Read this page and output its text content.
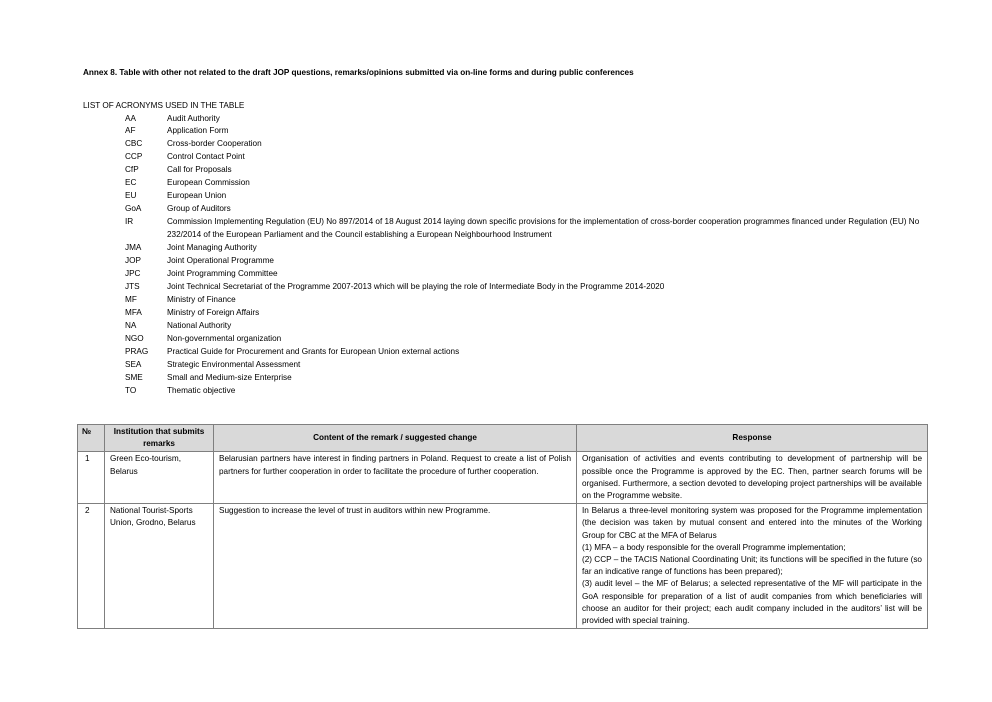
Annex 8. Table with other not related to the draft JOP questions, remarks/opinions submitted via on-line forms and during public conferences
LIST OF ACRONYMS USED IN THE TABLE
AA	Audit Authority
AF	Application Form
CBC	Cross-border Cooperation
CCP	Control Contact Point
CfP	Call for Proposals
EC	European Commission
EU	European Union
GoA	Group of Auditors
IR	Commission Implementing Regulation (EU) No 897/2014 of 18 August 2014 laying down specific provisions for the implementation of cross-border cooperation programmes financed under Regulation (EU) No 232/2014 of the European Parliament and the Council establishing a European Neighbourhood Instrument
JMA	Joint Managing Authority
JOP	Joint Operational Programme
JPC	Joint Programming Committee
JTS	Joint Technical Secretariat of the Programme 2007-2013 which will be playing the role of Intermediate Body in the Programme 2014-2020
MF	Ministry of Finance
MFA	Ministry of Foreign Affairs
NA	National Authority
NGO	Non-governmental organization
PRAG	Practical Guide for Procurement and Grants for European Union external actions
SEA	Strategic Environmental Assessment
SME	Small and Medium-size Enterprise
TO	Thematic objective
№	Institution that submits remarks	Content of the remark / suggested change	Response
1	Green Eco-tourism, Belarus	Belarusian partners have interest in finding partners in Poland. Request to create a list of Polish partners for further cooperation in order to facilitate the procedure of further cooperation.	Organisation of activities and events contributing to development of partnership will be possible once the Programme is approved by the EC. Then, partner search forums will be organised. Furthermore, a section devoted to developing project partnerships will be available on the Programme website.

2	National Tourist-Sports Union, Grodno, Belarus	Suggestion to increase the level of trust in auditors within new Programme.	In Belarus a three-level monitoring system was proposed for the Programme implementation (the decision was taken by mutual consent and entered into the minutes of the Working Group for CBC at the MFA of Belarus
(1) MFA – a body responsible for the overall Programme implementation;
(2) CCP – the TACIS National Coordinating Unit; its functions will be specified in the future (so far an indicative range of functions has been prepared);
(3) audit level – the MF of Belarus; a selected representative of the MF will participate in the GoA responsible for preparation of a list of audit companies from which beneficiaries will choose an auditor for their project; each audit company included in the auditors’ list will be provided with special training.
